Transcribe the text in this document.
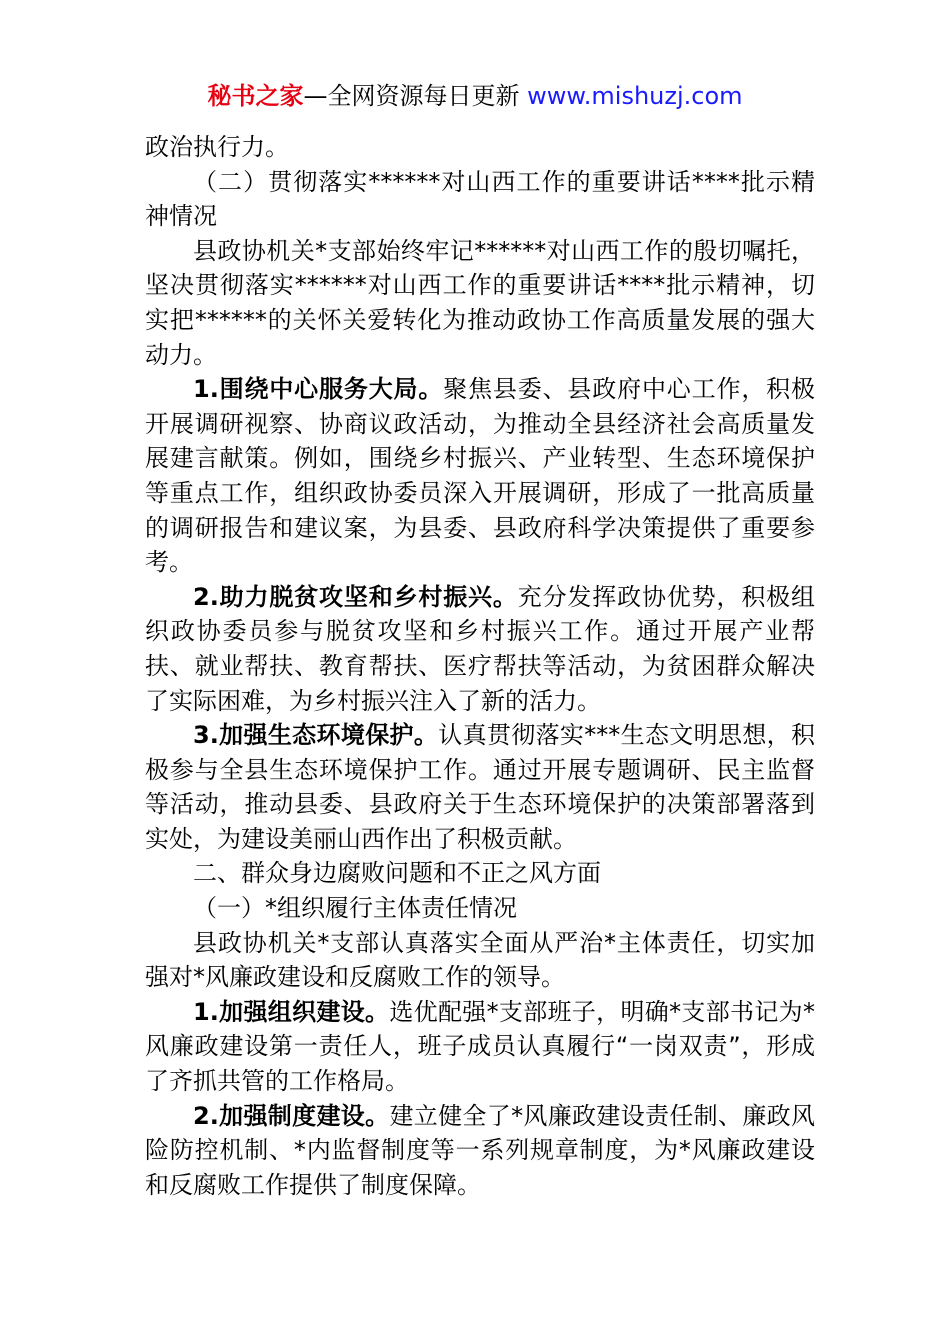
秘书之家—全网资源每日更新 www.mishuzj.com

政治执行力。

（二）贯彻落实******对山西工作的重要讲话****批示精神情况

县政协机关*支部始终牢记******对山西工作的殷切嘱托，坚决贯彻落实******对山西工作的重要讲话****批示精神，切实把******的关怀关爱转化为推动政协工作高质量发展的强大动力。

1.围绕中心服务大局。聚焦县委、县政府中心工作，积极开展调研视察、协商议政活动，为推动全县经济社会高质量发展建言献策。例如，围绕乡村振兴、产业转型、生态环境保护等重点工作，组织政协委员深入开展调研，形成了一批高质量的调研报告和建议案，为县委、县政府科学决策提供了重要参考。

2.助力脱贫攻坚和乡村振兴。充分发挥政协优势，积极组织政协委员参与脱贫攻坚和乡村振兴工作。通过开展产业帮扶、就业帮扶、教育帮扶、医疗帮扶等活动，为贫困群众解决了实际困难，为乡村振兴注入了新的活力。

3.加强生态环境保护。认真贯彻落实***生态文明思想，积极参与全县生态环境保护工作。通过开展专题调研、民主监督等活动，推动县委、县政府关于生态环境保护的决策部署落到实处，为建设美丽山西作出了积极贡献。

二、群众身边腐败问题和不正之风方面

（一）*组织履行主体责任情况

县政协机关*支部认真落实全面从严治*主体责任，切实加强对*风廉政建设和反腐败工作的领导。

1.加强组织建设。选优配强*支部班子，明确*支部书记为*风廉政建设第一责任人，班子成员认真履行“一岗双责”，形成了齐抓共管的工作格局。

2.加强制度建设。建立健全了*风廉政建设责任制、廉政风险防控机制、*内监督制度等一系列规章制度，为*风廉政建设和反腐败工作提供了制度保障。
